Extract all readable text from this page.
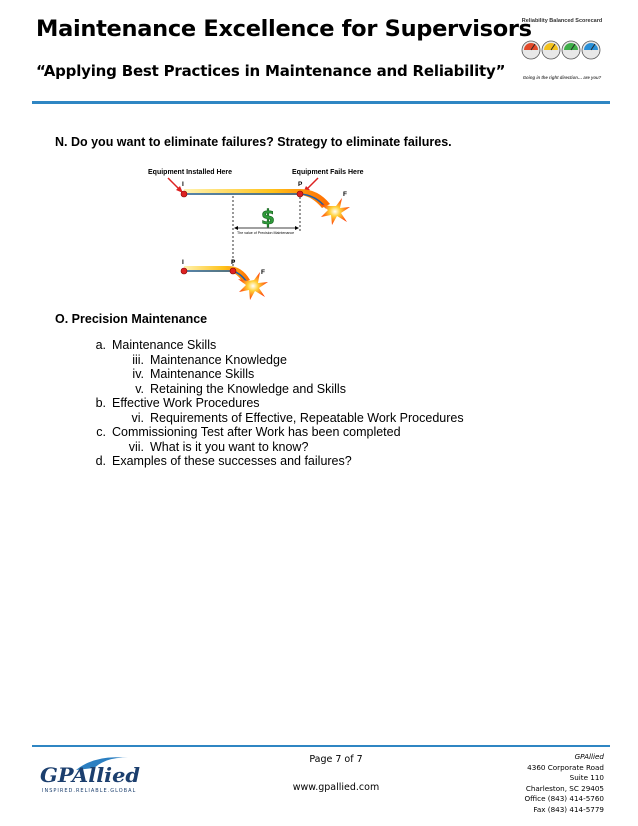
Maintenance Excellence for Supervisors
“Applying Best Practices in Maintenance and Reliability”
Reliability Balanced Scorecard
Going in the right direction… are you?
N. Do you want to eliminate failures? Strategy to eliminate failures.
Equipment Installed Here	Equipment Fails Here
I	P
F
The value of Precision Maintenance
$
I	P
F
O. Precision Maintenance
a. Maintenance Skills
iii. Maintenance Knowledge
iv. Maintenance Skills
v. Retaining the Knowledge and Skills
b. Effective Work Procedures
vi. Requirements of Effective, Repeatable Work Procedures
c. Commissioning Test after Work has been completed
vii. What is it you want to know?
d. Examples of these successes and failures?
GPAllied
INSPIRED.RELIABLE.GLOBAL
Page 7 of 7
www.gpallied.com
GPAllied
4360 Corporate Road
Suite 110
Charleston, SC 29405
Office (843) 414-5760
Fax (843) 414-5779
